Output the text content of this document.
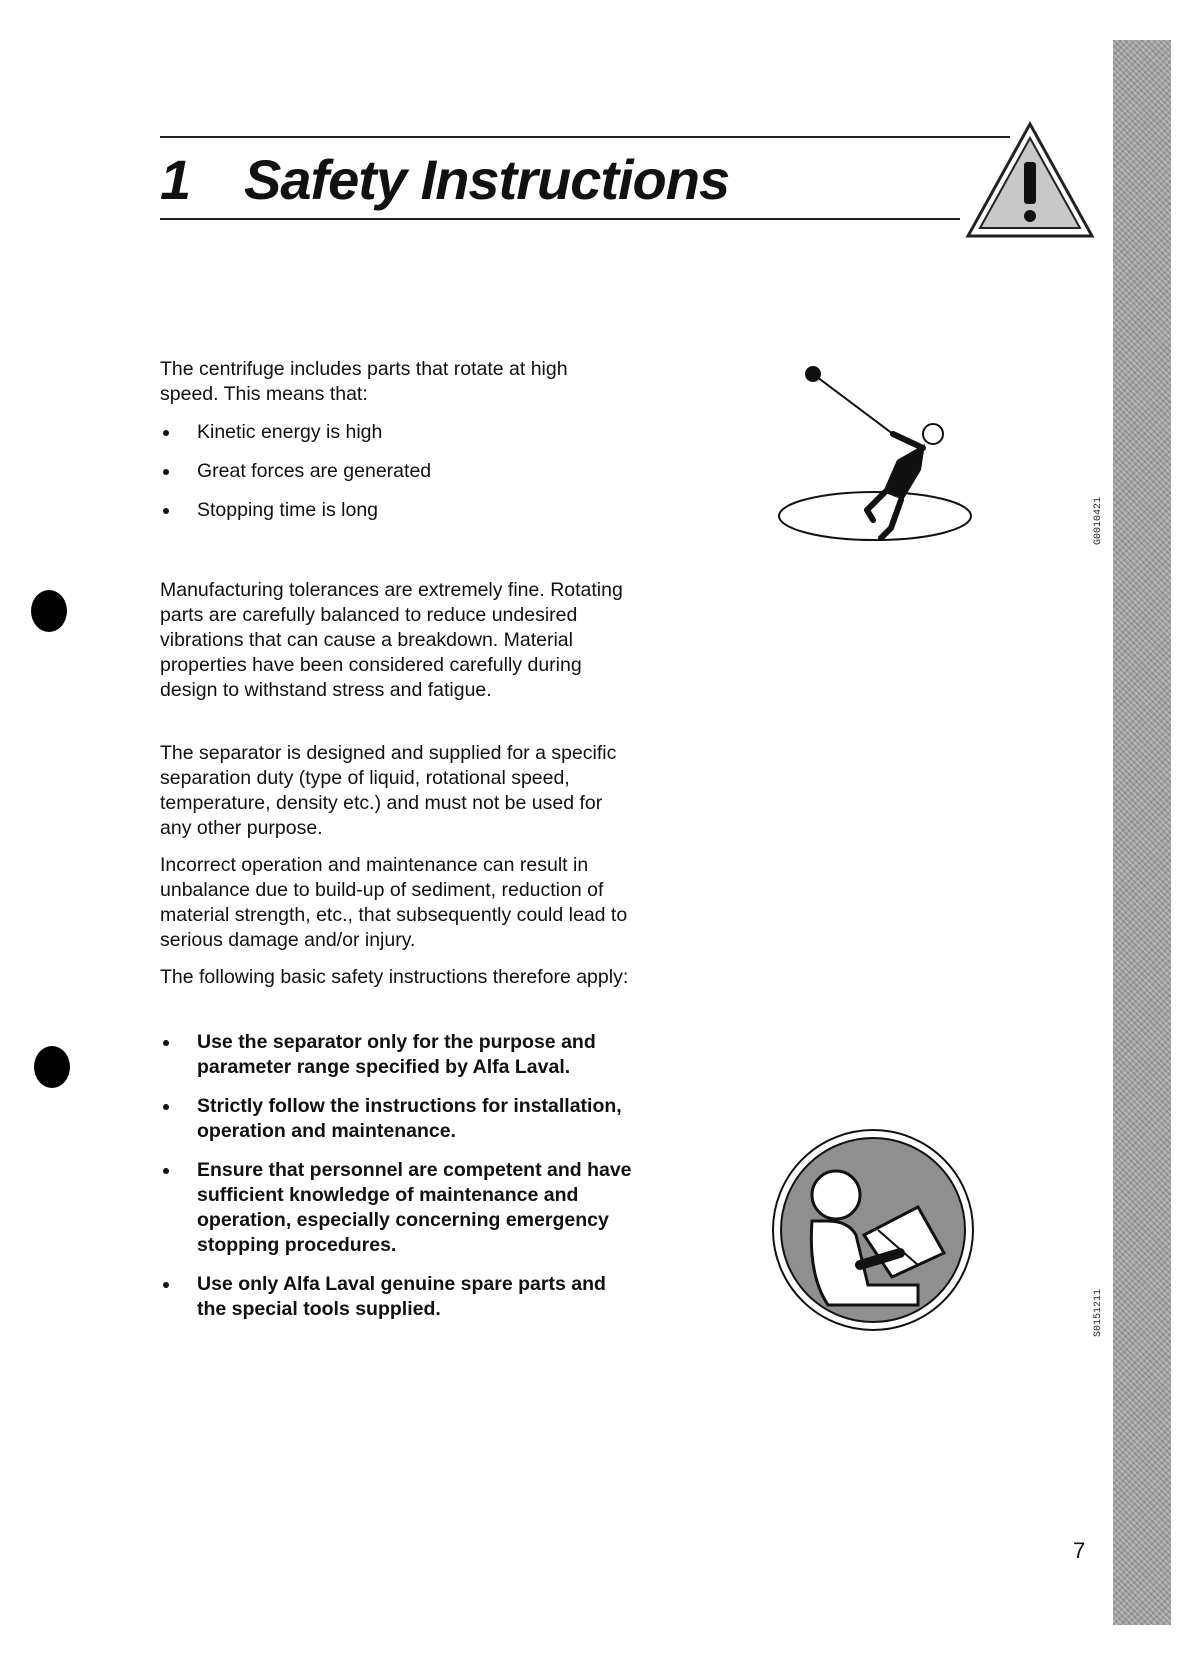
1 Safety Instructions

The centrifuge includes parts that rotate at high speed. This means that:

Kinetic energy is high
Great forces are generated
Stopping time is long	G0010421

Manufacturing tolerances are extremely fine. Rotating parts are carefully balanced to reduce undesired vibrations that can cause a breakdown. Material properties have been considered carefully during design to withstand stress and fatigue.

The separator is designed and supplied for a specific separation duty (type of liquid, rotational speed, temperature, density etc.) and must not be used for any other purpose.

Incorrect operation and maintenance can result in unbalance due to build-up of sediment, reduction of material strength, etc., that subsequently could lead to serious damage and/or injury.

The following basic safety instructions therefore apply:

Use the separator only for the purpose and parameter range specified by Alfa Laval.
Strictly follow the instructions for installation, operation and maintenance.
Ensure that personnel are competent and have sufficient knowledge of maintenance and operation, especially concerning emergency stopping procedures.
Use only Alfa Laval genuine spare parts and the special tools supplied.	S0151211

7
